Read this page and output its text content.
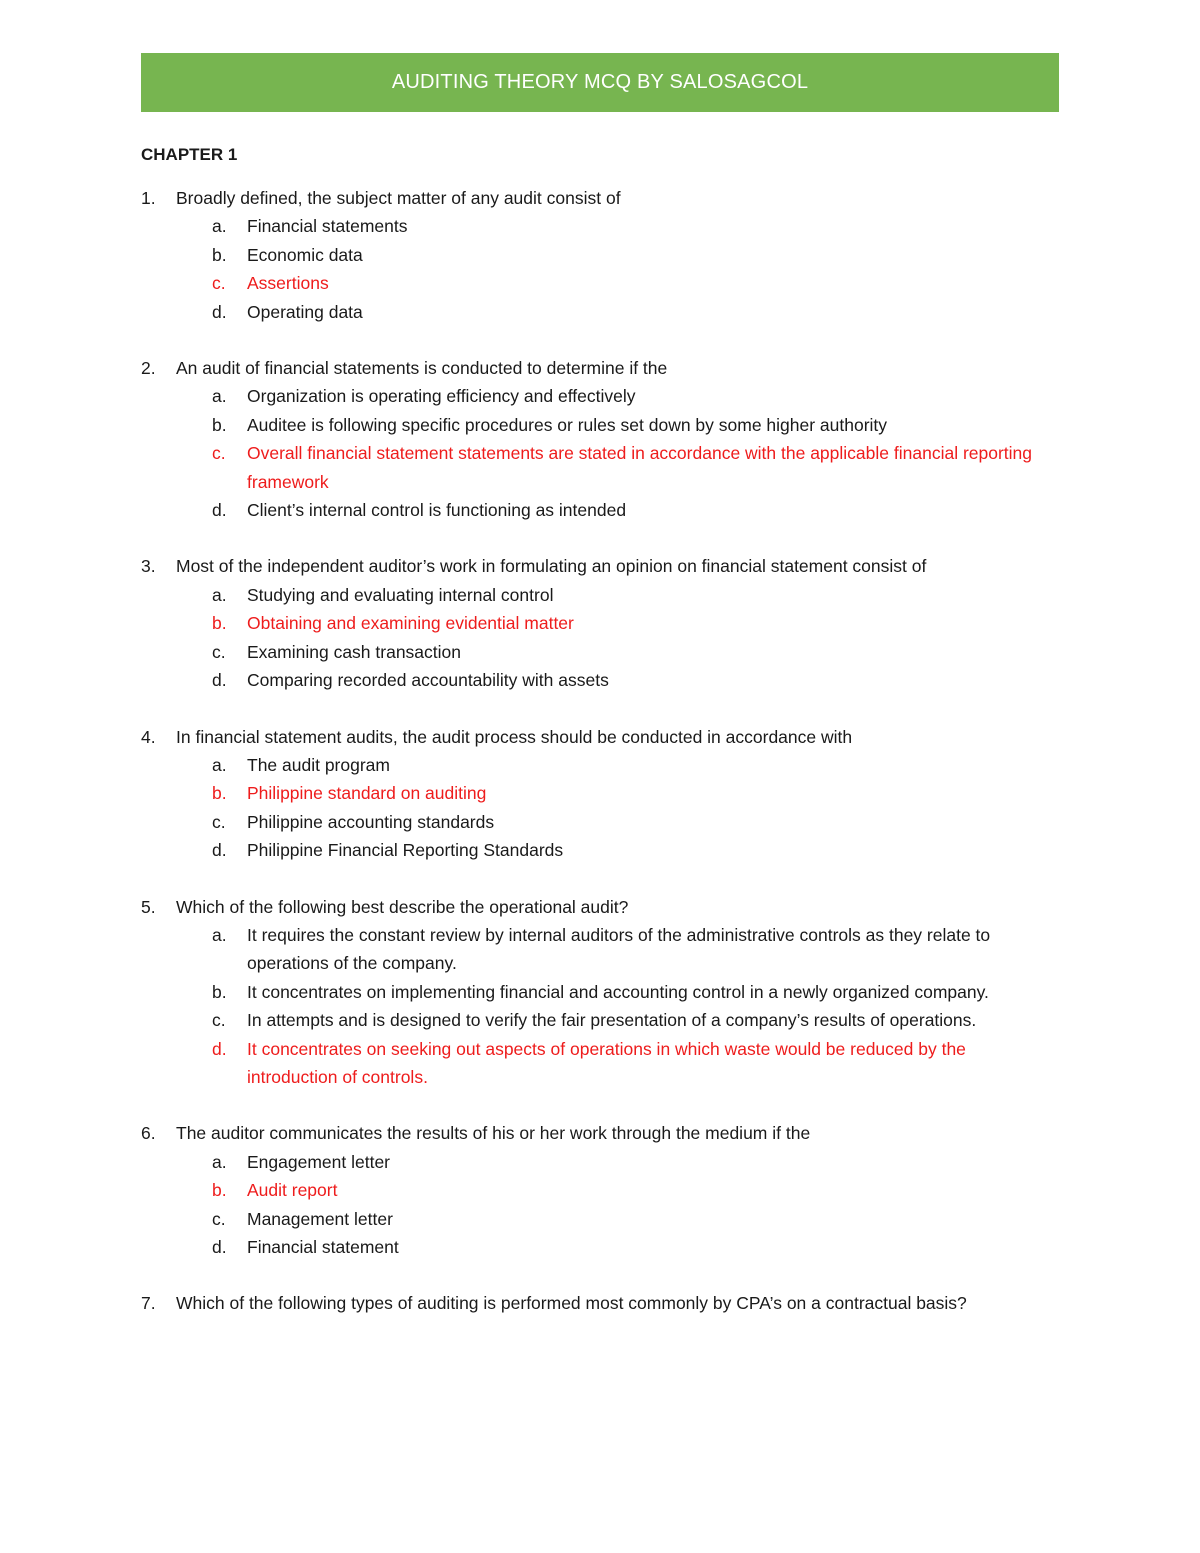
AUDITING THEORY MCQ BY SALOSAGCOL
CHAPTER 1
1.	Broadly defined, the subject matter of any audit consist of
a.	Financial statements
b.	Economic data
c.	Assertions
d.	Operating data
2.	An audit of financial statements is conducted to determine if the
a.	Organization is operating efficiency and effectively
b.	Auditee is following specific procedures or rules set down by some higher authority
c.	Overall financial statement statements are stated in accordance with the applicable financial reporting framework
d.	Client’s internal control is functioning as intended
3.	Most of the independent auditor’s work in formulating an opinion on financial statement consist of
a.	Studying and evaluating internal control
b.	Obtaining and examining evidential matter
c.	Examining cash transaction
d.	Comparing recorded accountability with assets
4.	In financial statement audits, the audit process should be conducted in accordance with
a.	The audit program
b.	Philippine standard on auditing
c.	Philippine accounting standards
d.	Philippine Financial Reporting Standards
5.	Which of the following best describe the operational audit?
a.	It requires the constant review by internal auditors of the administrative controls as they relate to operations of the company.
b.	It concentrates on implementing financial and accounting control in a newly organized company.
c.	In attempts and is designed to verify the fair presentation of a company’s results of operations.
d.	It concentrates on seeking out aspects of operations in which waste would be reduced by the introduction of controls.
6.	The auditor communicates the results of his or her work through the medium if the
a.	Engagement letter
b.	Audit report
c.	Management letter
d.	Financial statement
7.	Which of the following types of auditing is performed most commonly by CPA’s on a contractual basis?
